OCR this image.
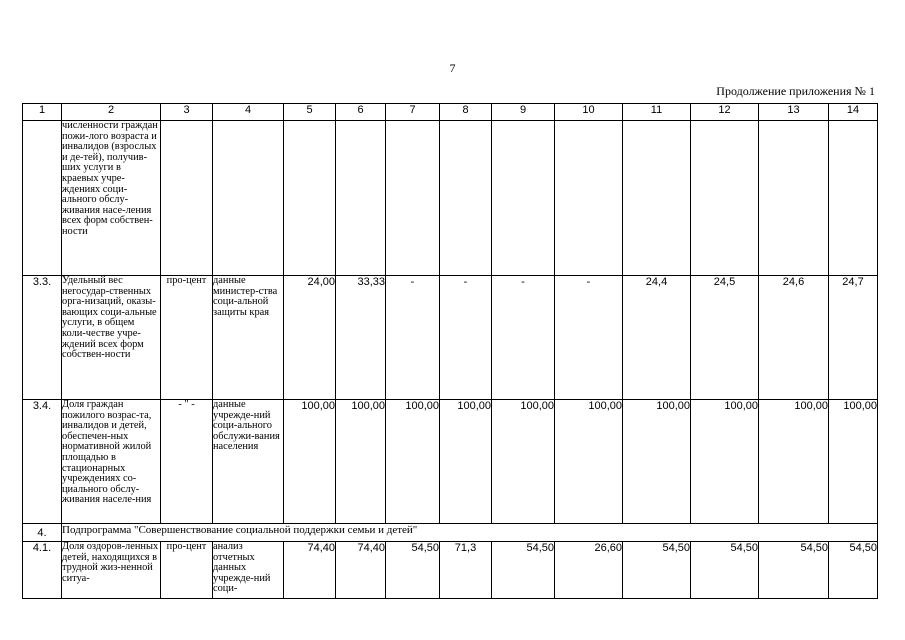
7
Продолжение приложения № 1
1	2	3	4	5	6	7	8	9	10	11	12	13	14
	численности граждан пожи-лого возраста и инвалидов (взрослых и де-тей), получив-ших услуги в краевых учре-ждениях соци-ального обслу-живания насе-ления всех форм собствен-ности												
3.3.	Удельный вес негосудар-ственных орга-низаций, оказы-вающих соци-альные услуги, в общем коли-честве учре-ждений всех форм собствен-ности	про-цент	данные министер-ства соци-альной защиты края	24,00	33,33	-	-	-	-	24,4	24,5	24,6	24,7
3.4.	Доля граждан пожилого возрас-та, инвалидов и детей, обеспечен-ных нормативной жилой площадью в стационарных учреждениях со-циального обслу-живания населе-ния	- " -	данные учрежде-ний соци-ального обслужи-вания населения	100,00	100,00	100,00	100,00	100,00	100,00	100,00	100,00	100,00	100,00
4.	Подпрограмма "Совершенствование социальной поддержки семьи и детей"												
4.1.	Доля оздоров-ленных детей, находящихся в трудной жиз-ненной ситуа-	про-цент	анализ отчетных данных учрежде-ний соци-	74,40	74,40	54,50	71,3	54,50	26,60	54,50	54,50	54,50	54,50
